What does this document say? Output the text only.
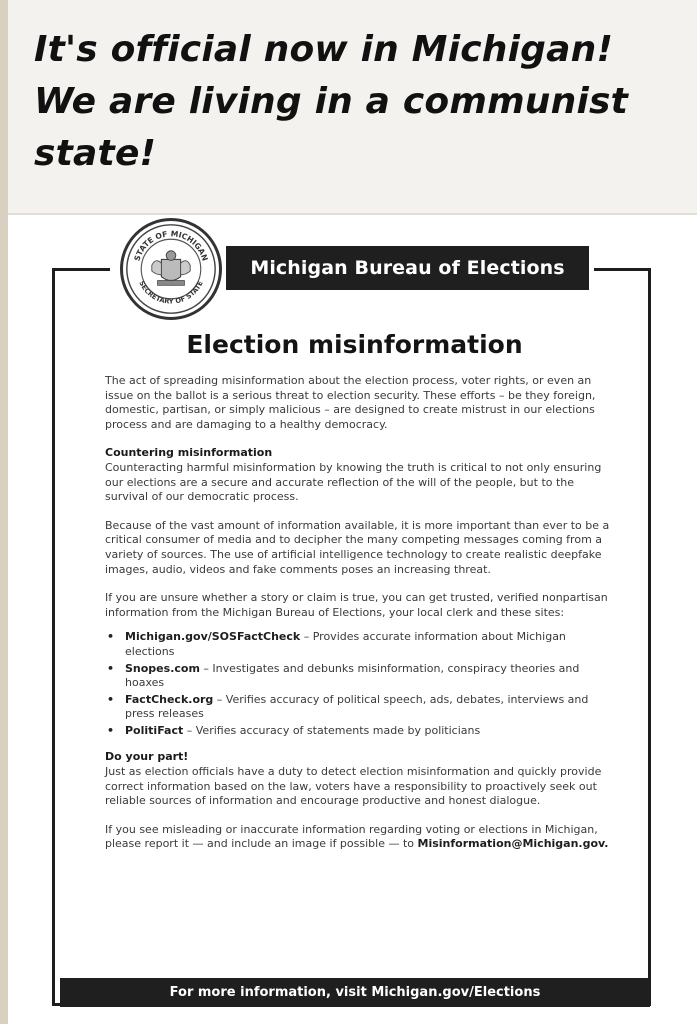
It's official now in Michigan! We are living in a communist state!
STATE OF MICHIGAN
SECRETARY OF STATE
Michigan Bureau of Elections
Election misinformation

The act of spreading misinformation about the election process, voter rights, or even an issue on the ballot is a serious threat to election security. These efforts – be they foreign, domestic, partisan, or simply malicious – are designed to create mistrust in our elections process and are damaging to a healthy democracy.

Countering misinformation
Counteracting harmful misinformation by knowing the truth is critical to not only ensuring our elections are a secure and accurate reflection of the will of the people, but to the survival of our democratic process.

Because of the vast amount of information available, it is more important than ever to be a critical consumer of media and to decipher the many competing messages coming from a variety of sources. The use of artificial intelligence technology to create realistic deepfake images, audio, videos and fake comments poses an increasing threat.

If you are unsure whether a story or claim is true, you can get trusted, verified nonpartisan information from the Michigan Bureau of Elections, your local clerk and these sites:

• Michigan.gov/SOSFactCheck – Provides accurate information about Michigan elections
• Snopes.com – Investigates and debunks misinformation, conspiracy theories and hoaxes
• FactCheck.org – Verifies accuracy of political speech, ads, debates, interviews and press releases
• PolitiFact – Verifies accuracy of statements made by politicians
Do your part!
Just as election officials have a duty to detect election misinformation and quickly provide correct information based on the law, voters have a responsibility to proactively seek out reliable sources of information and encourage productive and honest dialogue.

If you see misleading or inaccurate information regarding voting or elections in Michigan, please report it — and include an image if possible — to Misinformation@Michigan.gov.

For more information, visit Michigan.gov/Elections
